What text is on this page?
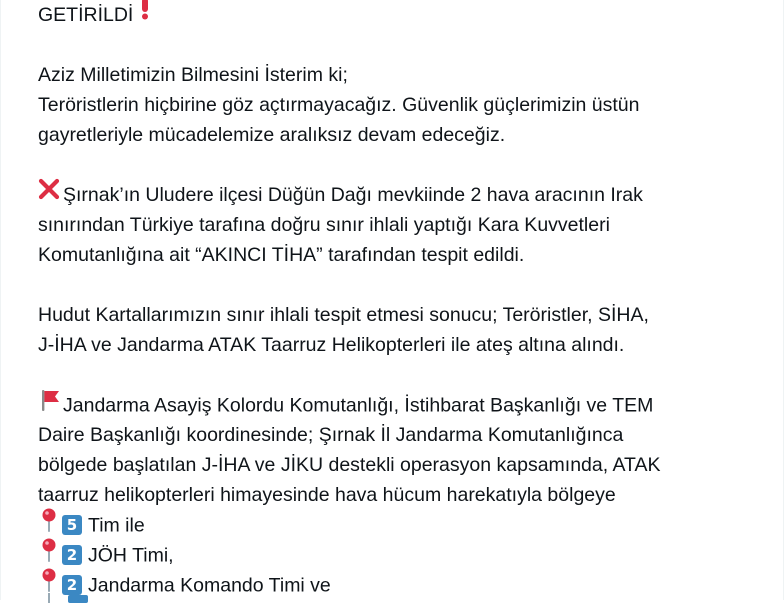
GETİRİLDİ
Aziz Milletimizin Bilmesini İsterim ki;
Teröristlerin hiçbirine göz açtırmayacağız. Güvenlik güçlerimizin üstün
gayretleriyle mücadelemize aralıksız devam edeceğiz.
Şırnak’ın Uludere ilçesi Düğün Dağı mevkiinde 2 hava aracının Irak
sınırından Türkiye tarafına doğru sınır ihlali yaptığı Kara Kuvvetleri
Komutanlığına ait “AKINCI TİHA” tarafından tespit edildi.
Hudut Kartallarımızın sınır ihlali tespit etmesi sonucu; Teröristler, SİHA,
J-İHA ve Jandarma ATAK Taarruz Helikopterleri ile ateş altına alındı.
Jandarma Asayiş Kolordu Komutanlığı, İstihbarat Başkanlığı ve TEM
Daire Başkanlığı koordinesinde; Şırnak İl Jandarma Komutanlığınca
bölgede başlatılan J-İHA ve JİKU destekli operasyon kapsamında, ATAK
taarruz helikopterleri himayesinde hava hücum harekatıyla bölgeye
5 Tim ile
2 JÖH Timi,
2 Jandarma Komando Timi ve
